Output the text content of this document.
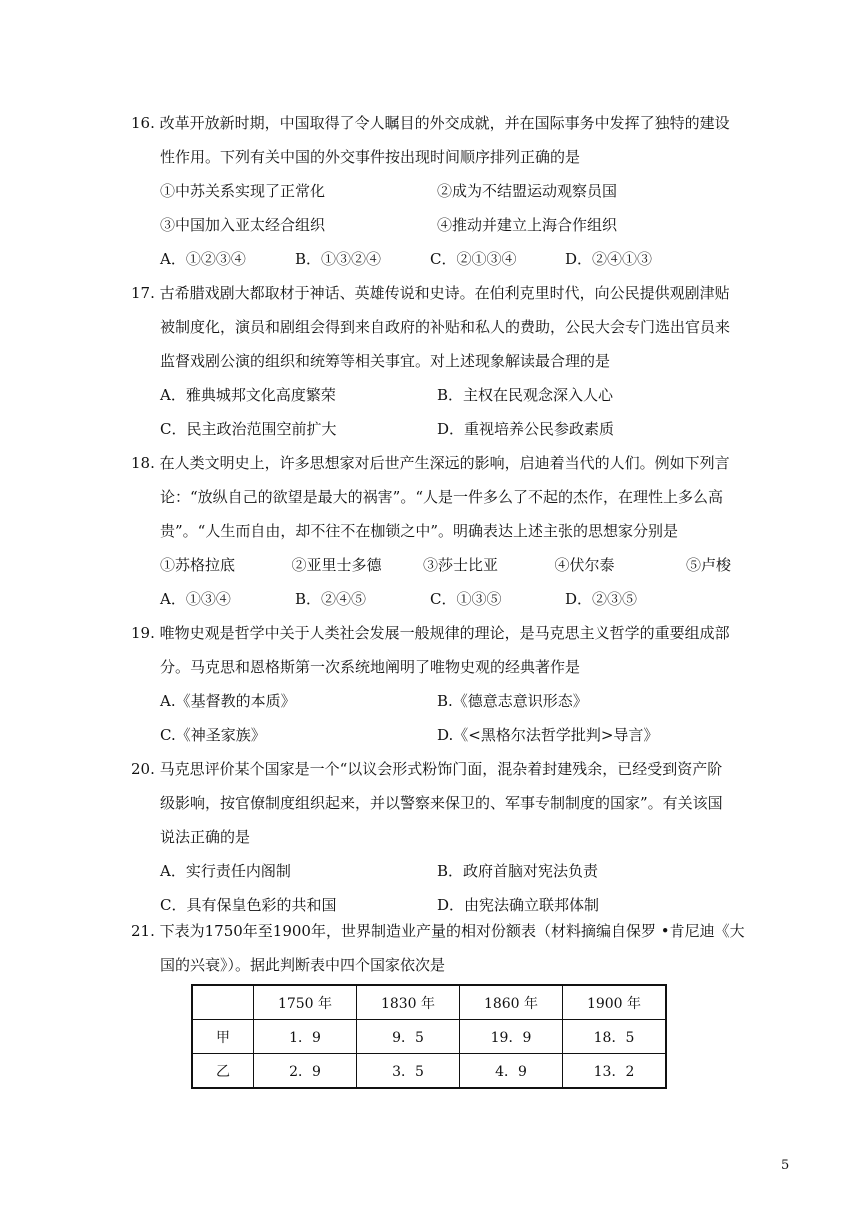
16. 改革开放新时期，中国取得了令人瞩目的外交成就，并在国际事务中发挥了独特的建设
性作用。下列有关中国的外交事件按出现时间顺序排列正确的是
①中苏关系实现了正常化	②成为不结盟运动观察员国
③中国加入亚太经合组织	④推动并建立上海合作组织
A．①②③④	B．①③②④	C．②①③④	D．②④①③
17. 古希腊戏剧大都取材于神话、英雄传说和史诗。在伯利克里时代，向公民提供观剧津贴
被制度化，演员和剧组会得到来自政府的补贴和私人的费助，公民大会专门选出官员来
监督戏剧公演的组织和统筹等相关事宜。对上述现象解读最合理的是
A．雅典城邦文化高度繁荣	B．主权在民观念深入人心
C．民主政治范围空前扩大	D．重视培养公民参政素质
18. 在人类文明史上，许多思想家对后世产生深远的影响，启迪着当代的人们。例如下列言
论：“放纵自己的欲望是最大的祸害”。“人是一件多么了不起的杰作，在理性上多么高
贵”。“人生而自由，却不往不在枷锁之中”。明确表达上述主张的思想家分别是
①苏格拉底	②亚里士多德	③莎士比亚	④伏尔泰	⑤卢梭
A．①③④	B．②④⑤	C．①③⑤	D．②③⑤
19. 唯物史观是哲学中关于人类社会发展一般规律的理论，是马克思主义哲学的重要组成部
分。马克思和恩格斯第一次系统地阐明了唯物史观的经典著作是
A.《基督教的本质》	B.《德意志意识形态》
C.《神圣家族》	D.《<黑格尔法哲学批判>导言》
20. 马克思评价某个国家是一个“以议会形式粉饰门面，混杂着封建残余，已经受到资产阶
级影响，按官僚制度组织起来，并以警察来保卫的、军事专制制度的国家”。有关该国
说法正确的是
A．实行责任内阁制	B．政府首脑对宪法负责
C．具有保皇色彩的共和国	D．由宪法确立联邦体制
21. 下表为1750年至1900年，世界制造业产量的相对份额表（材料摘编自保罗 •肯尼迪《大
国的兴衰》）。据此判断表中四个国家依次是
	1750 年	1830 年	1860 年	1900 年
甲	1．9	9．5	19．9	18．5
乙	2．9	3．5	4．9	13．2
5
